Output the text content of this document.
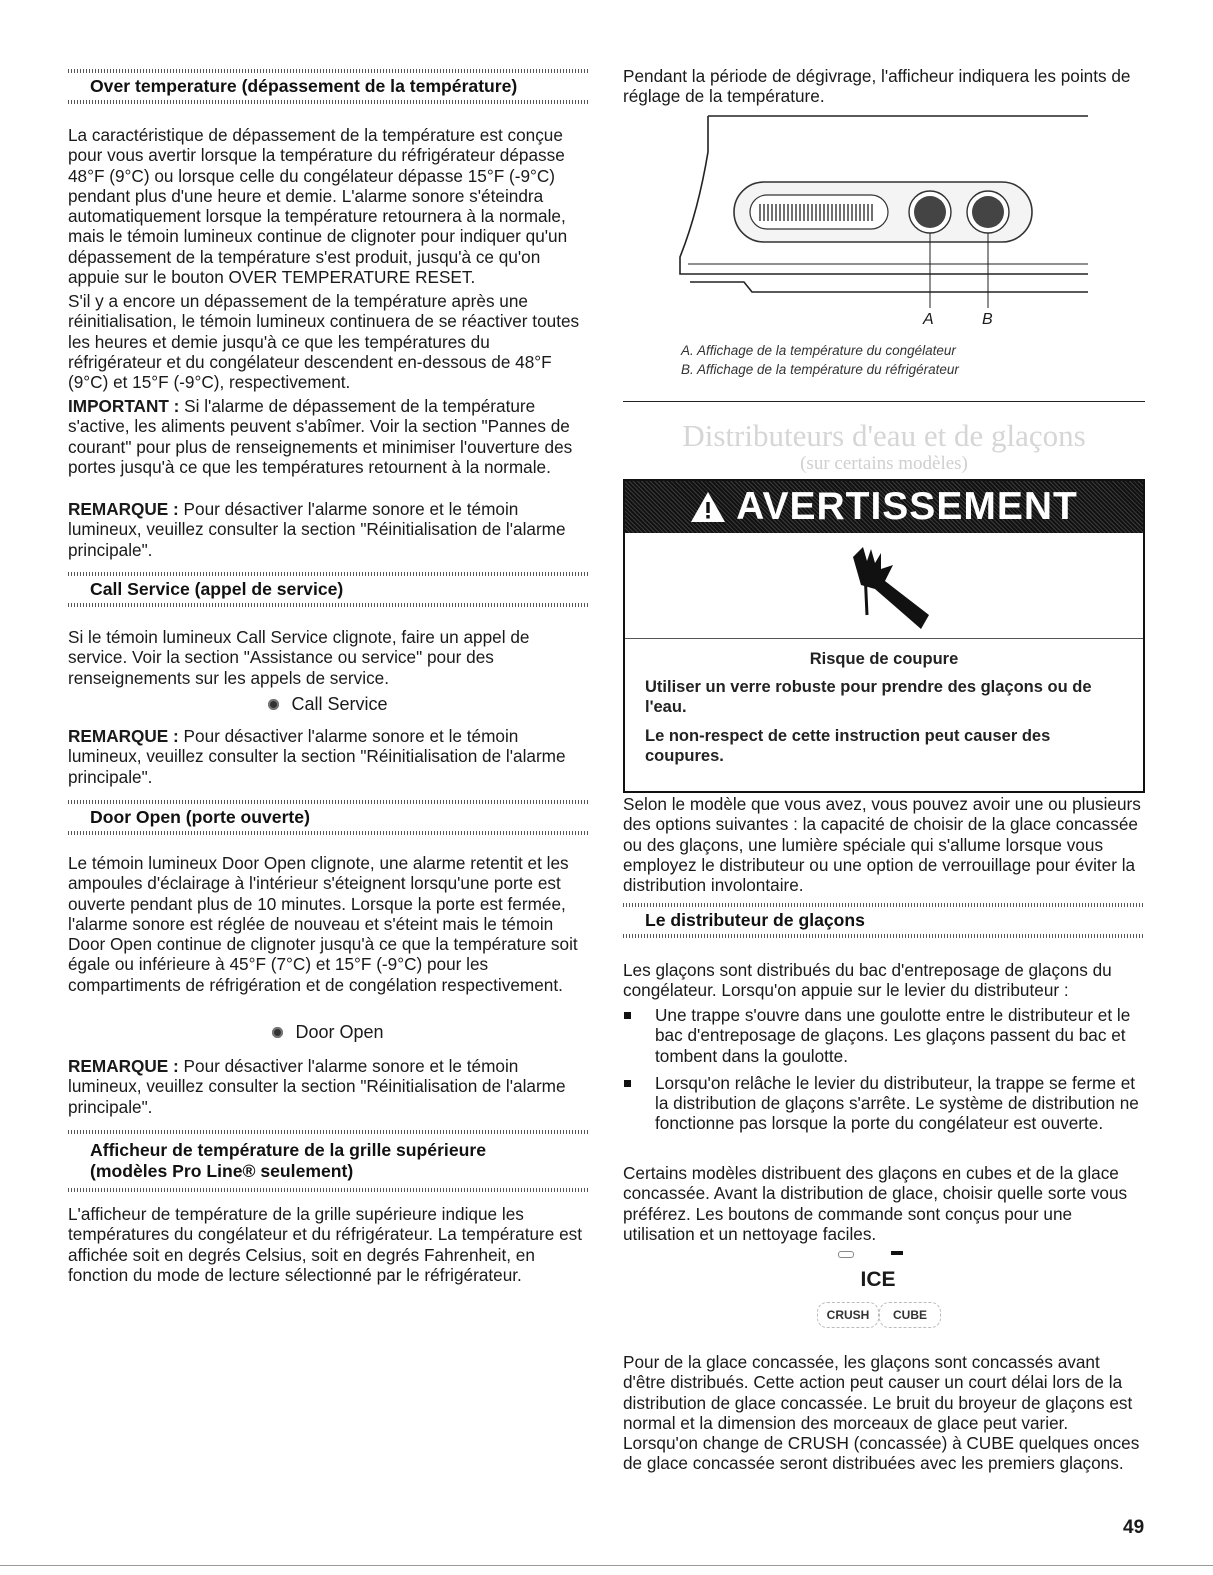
Over temperature (dépassement de la température)

La caractéristique de dépassement de la température est conçue pour vous avertir lorsque la température du réfrigérateur dépasse 48°F (9°C) ou lorsque celle du congélateur dépasse 15°F (-9°C) pendant plus d'une heure et demie. L'alarme sonore s'éteindra automatiquement lorsque la température retournera à la normale, mais le témoin lumineux continue de clignoter pour indiquer qu'un dépassement de la température s'est produit, jusqu'à ce qu'on appuie sur le bouton OVER TEMPERATURE RESET.

S'il y a encore un dépassement de la température après une réinitialisation, le témoin lumineux continuera de se réactiver toutes les heures et demie jusqu'à ce que les températures du réfrigérateur et du congélateur descendent en-dessous de 48°F (9°C) et 15°F (-9°C), respectivement.

IMPORTANT : Si l'alarme de dépassement de la température s'active, les aliments peuvent s'abîmer. Voir la section "Pannes de courant" pour plus de renseignements et minimiser l'ouverture des portes jusqu'à ce que les températures retournent à la normale.

REMARQUE : Pour désactiver l'alarme sonore et le témoin lumineux, veuillez consulter la section "Réinitialisation de l'alarme principale".

Call Service (appel de service)

Si le témoin lumineux Call Service clignote, faire un appel de service. Voir la section "Assistance ou service" pour des renseignements sur les appels de service.

Call Service

REMARQUE : Pour désactiver l'alarme sonore et le témoin lumineux, veuillez consulter la section "Réinitialisation de l'alarme principale".

Door Open (porte ouverte)

Le témoin lumineux Door Open clignote, une alarme retentit et les ampoules d'éclairage à l'intérieur s'éteignent lorsqu'une porte est ouverte pendant plus de 10 minutes. Lorsque la porte est fermée, l'alarme sonore est réglée de nouveau et s'éteint mais le témoin Door Open continue de clignoter jusqu'à ce que la température soit égale ou inférieure à 45°F (7°C) et 15°F (-9°C) pour les compartiments de réfrigération et de congélation respectivement.

Door Open

REMARQUE : Pour désactiver l'alarme sonore et le témoin lumineux, veuillez consulter la section "Réinitialisation de l'alarme principale".

Afficheur de température de la grille supérieure
(modèles Pro Line® seulement)

L'afficheur de température de la grille supérieure indique les températures du congélateur et du réfrigérateur. La température est affichée soit en degrés Celsius, soit en degrés Fahrenheit, en fonction du mode de lecture sélectionné par le réfrigérateur.

Pendant la période de dégivrage, l'afficheur indiquera les points de réglage de la température.

A	B
A. Affichage de la température du congélateur
B. Affichage de la température du réfrigérateur
Distributeurs d'eau et de glaçons
(sur certains modèles)
AVERTISSEMENT

Risque de coupure

Utiliser un verre robuste pour prendre des glaçons ou de l'eau.

Le non-respect de cette instruction peut causer des coupures.

Selon le modèle que vous avez, vous pouvez avoir une ou plusieurs des options suivantes : la capacité de choisir de la glace concassée ou des glaçons, une lumière spéciale qui s'allume lorsque vous employez le distributeur ou une option de verrouillage pour éviter la distribution involontaire.

Le distributeur de glaçons

Les glaçons sont distribués du bac d'entreposage de glaçons du congélateur. Lorsqu'on appuie sur le levier du distributeur :

Une trappe s'ouvre dans une goulotte entre le distributeur et le bac d'entreposage de glaçons. Les glaçons passent du bac et tombent dans la goulotte.
Lorsqu'on relâche le levier du distributeur, la trappe se ferme et la distribution de glaçons s'arrête. Le système de distribution ne fonctionne pas lorsque la porte du congélateur est ouverte.

Certains modèles distribuent des glaçons en cubes et de la glace concassée. Avant la distribution de glace, choisir quelle sorte vous préférez. Les boutons de commande sont conçus pour une utilisation et un nettoyage faciles.

ICE
CRUSH	CUBE

Pour de la glace concassée, les glaçons sont concassés avant d'être distribués. Cette action peut causer un court délai lors de la distribution de glace concassée. Le bruit du broyeur de glaçons est normal et la dimension des morceaux de glace peut varier. Lorsqu'on change de CRUSH (concassée) à CUBE quelques onces de glace concassée seront distribuées avec les premiers glaçons.

49
